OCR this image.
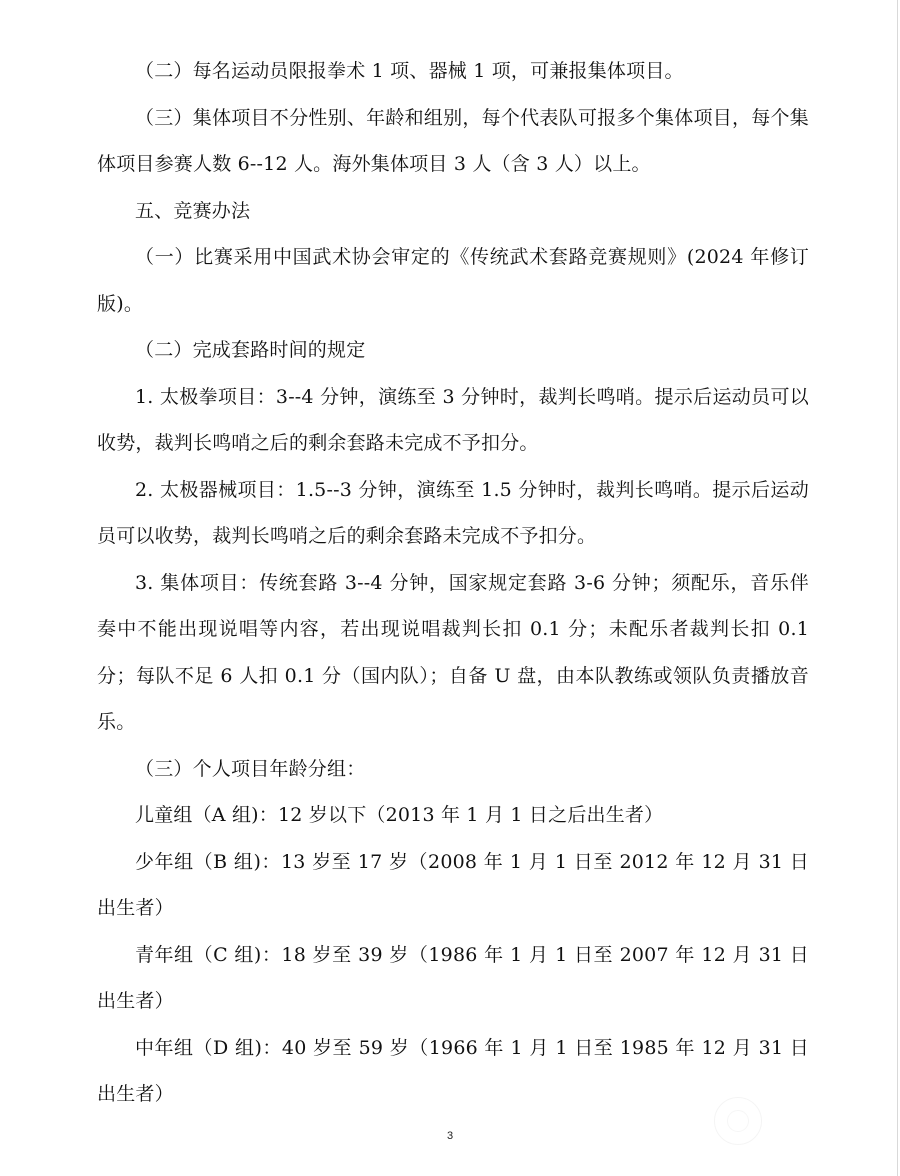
（二）每名运动员限报拳术 1 项、器械 1 项，可兼报集体项目。

（三）集体项目不分性别、年龄和组别，每个代表队可报多个集体项目，每个集体项目参赛人数 6--12 人。海外集体项目 3 人（含 3 人）以上。

五、竞赛办法

（一）比赛采用中国武术协会审定的《传统武术套路竞赛规则》(2024 年修订版)。

（二）完成套路时间的规定

1. 太极拳项目：3--4 分钟，演练至 3 分钟时，裁判长鸣哨。提示后运动员可以收势，裁判长鸣哨之后的剩余套路未完成不予扣分。

2. 太极器械项目：1.5--3 分钟，演练至 1.5 分钟时，裁判长鸣哨。提示后运动员可以收势，裁判长鸣哨之后的剩余套路未完成不予扣分。

3. 集体项目：传统套路 3--4 分钟，国家规定套路 3-6 分钟；须配乐，音乐伴奏中不能出现说唱等内容，若出现说唱裁判长扣 0.1 分；未配乐者裁判长扣 0.1 分；每队不足 6 人扣 0.1 分（国内队）；自备 U 盘，由本队教练或领队负责播放音乐。

（三）个人项目年龄分组：

儿童组（A 组)：12 岁以下（2013 年 1 月 1 日之后出生者）

少年组（B 组)：13 岁至 17 岁（2008 年 1 月 1 日至 2012 年 12 月 31 日出生者）

青年组（C 组)：18 岁至 39 岁（1986 年 1 月 1 日至 2007 年 12 月 31 日出生者）

中年组（D 组)：40 岁至 59 岁（1966 年 1 月 1 日至 1985 年 12 月 31 日出生者）

3
